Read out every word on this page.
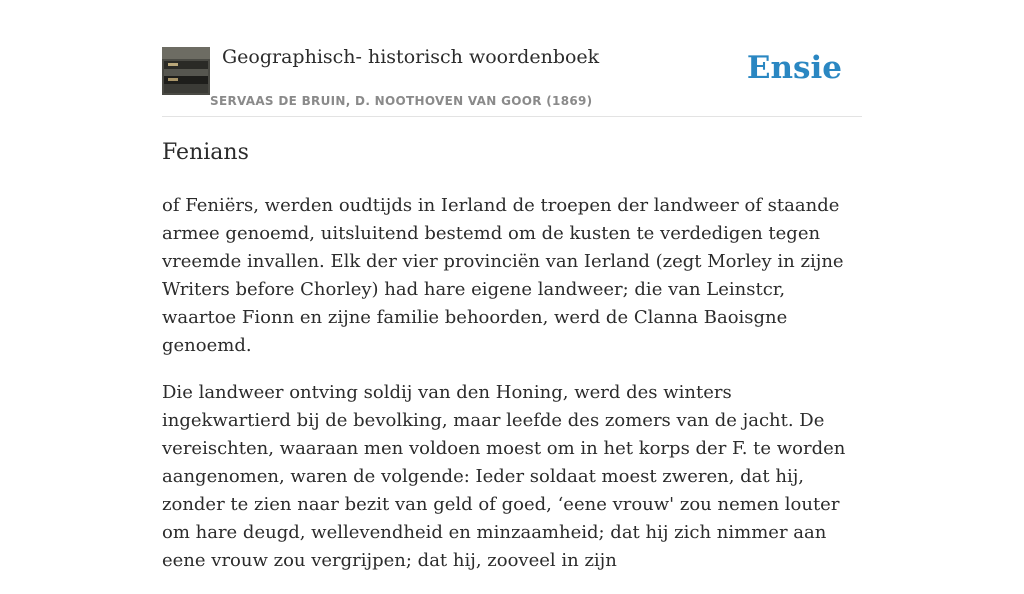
Geographisch- historisch woordenboek
SERVAAS DE BRUIN, D. NOOTHOVEN VAN GOOR (1869)
Ensie
Fenians

of Feniërs, werden oudtijds in Ierland de troepen der landweer of staande armee genoemd, uitsluitend bestemd om de kusten te verdedigen tegen vreemde invallen. Elk der vier provinciën van Ierland (zegt Morley in zijne Writers before Chorley) had hare eigene landweer; die van Leinstcr, waartoe Fionn en zijne familie behoorden, werd de Clanna Baoisgne genoemd.

Die landweer ontving soldij van den Honing, werd des winters ingekwartierd bij de bevolking, maar leefde des zomers van de jacht. De vereischten, waaraan men voldoen moest om in het korps der F. te worden aangenomen, waren de volgende: Ieder soldaat moest zweren, dat hij, zonder te zien naar bezit van geld of goed, ‘eene vrouw' zou nemen louter om hare deugd, wellevendheid en minzaamheid; dat hij zich nimmer aan eene vrouw zou vergrijpen; dat hij, zooveel in zijn
